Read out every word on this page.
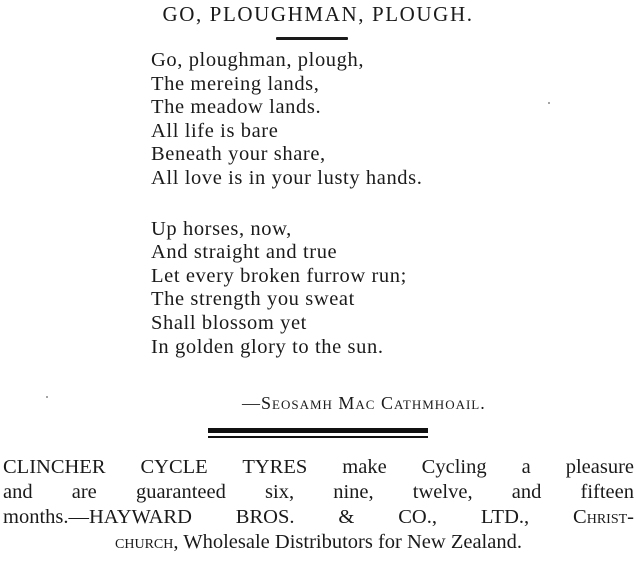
GO, PLOUGHMAN, PLOUGH.
Go, ploughman, plough,
The mereing lands,
The meadow lands.
All life is bare
Beneath your share,
All love is in your lusty hands.
Up horses, now,
And straight and true
Let every broken furrow run;
The strength you sweat
Shall blossom yet
In golden glory to the sun.
—Seosamh Mac Cathmhoail.
CLINCHER CYCLE TYRES make Cycling a pleasure
and are guaranteed six, nine, twelve, and fifteen
months.—HAYWARD BROS. & CO., LTD., Christ-
church, Wholesale Distributors for New Zealand.
